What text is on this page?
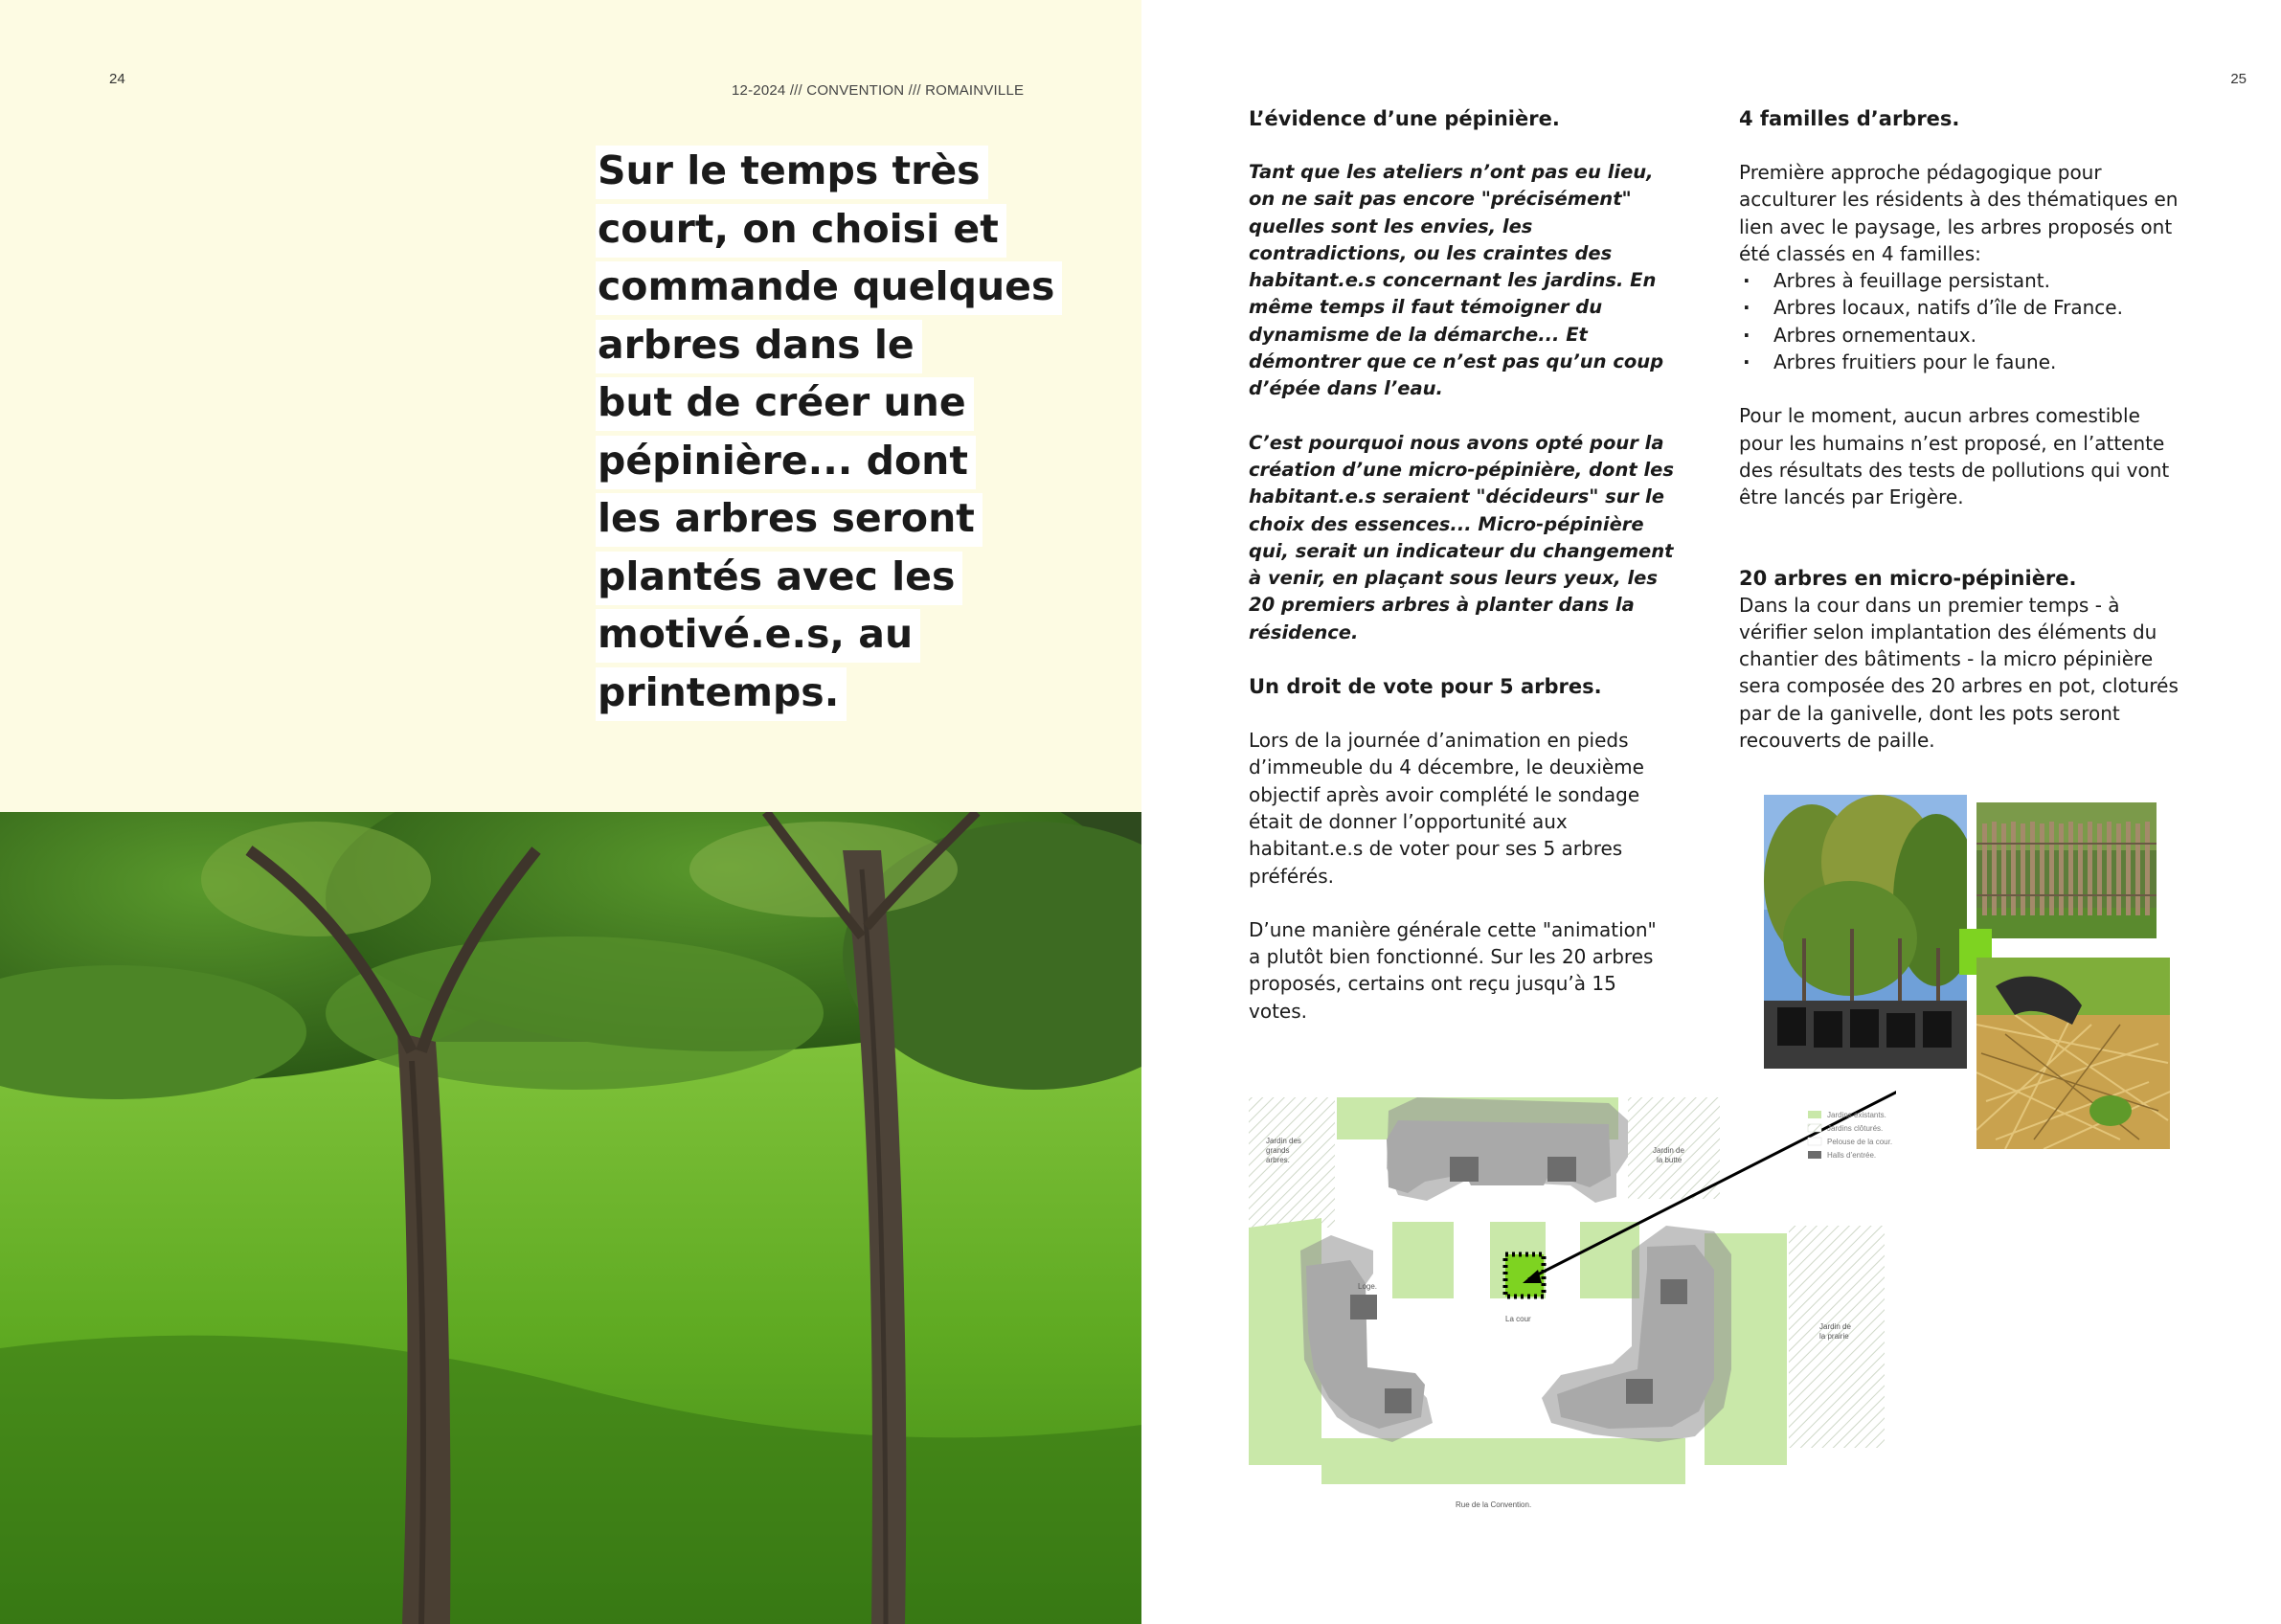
24
12-2024 /// CONVENTION /// ROMAINVILLE

Sur le temps très
court, on choisi et
commande quelques
arbres dans le
but de créer une
pépinière... dont
les arbres seront
plantés avec les
motivé.e.s, au
printemps.

25
L’évidence d’une pépinière.

Tant que les ateliers n’ont pas eu lieu, on ne sait pas encore "précisément" quelles sont les envies, les contradictions, ou les craintes des habitant.e.s concernant les jardins. En même temps il faut témoigner du dynamisme de la démarche... Et démontrer que ce n’est pas qu’un coup d’épée dans l’eau.

C’est pourquoi nous avons opté pour la création d’une micro-pépinière, dont les habitant.e.s seraient "décideurs" sur le choix des essences... Micro-pépinière qui, serait un indicateur du changement à venir, en plaçant sous leurs yeux, les 20 premiers arbres à planter dans la résidence.

Un droit de vote pour 5 arbres.

Lors de la journée d’animation en pieds d’immeuble du 4 décembre, le deuxième objectif après avoir complété le sondage était de donner l’opportunité aux habitant.e.s de voter pour ses 5 arbres préférés.

D’une manière générale cette "animation" a plutôt bien fonctionné. Sur les 20 arbres proposés, certains ont reçu jusqu’à 15 votes.

4 familles d’arbres.

Première approche pédagogique pour acculturer les résidents à des thématiques en lien avec le paysage, les arbres proposés ont été classés en 4 familles:

· Arbres à feuillage persistant.
· Arbres locaux, natifs d’île de France.
· Arbres ornementaux.
· Arbres fruitiers pour le faune.

Pour le moment, aucun arbres comestible pour les humains n’est proposé, en l’attente des résultats des tests de pollutions qui vont être lancés par Erigère.

20 arbres en micro-pépinière.

Dans la cour dans un premier temps - à vérifier selon implantation des éléments du chantier des bâtiments - la micro pépinière sera composée des 20 arbres en pot, cloturés par de la ganivelle, dont les pots seront recouverts de paille.

Jardin des
grands
arbres.
Jardin de
la butte
Jardin de
la prairie
Loge.
La cour
Rue de la Convention.
Jardins existants.
Jardins clôturés.
Pelouse de la cour.
Halls d’entrée.
